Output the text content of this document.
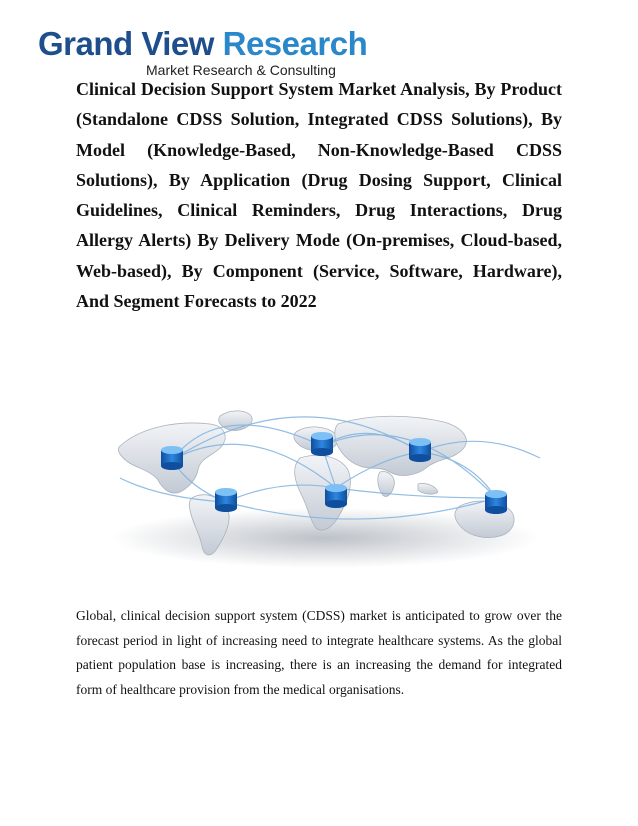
Grand View Research
Market Research & Consulting

Clinical Decision Support System Market Analysis, By Product (Standalone CDSS Solution, Integrated CDSS Solutions), By Model (Knowledge-Based, Non-Knowledge-Based CDSS Solutions), By Application (Drug Dosing Support, Clinical Guidelines, Clinical Reminders, Drug Interactions, Drug Allergy Alerts) By Delivery Mode (On-premises, Cloud-based, Web-based), By Component (Service, Software, Hardware), And Segment Forecasts to 2022

Global, clinical decision support system (CDSS) market is anticipated to grow over the forecast period in light of increasing need to integrate healthcare systems. As the global patient population base is increasing, there is an increasing the demand for integrated form of healthcare provision from the medical organisations.
